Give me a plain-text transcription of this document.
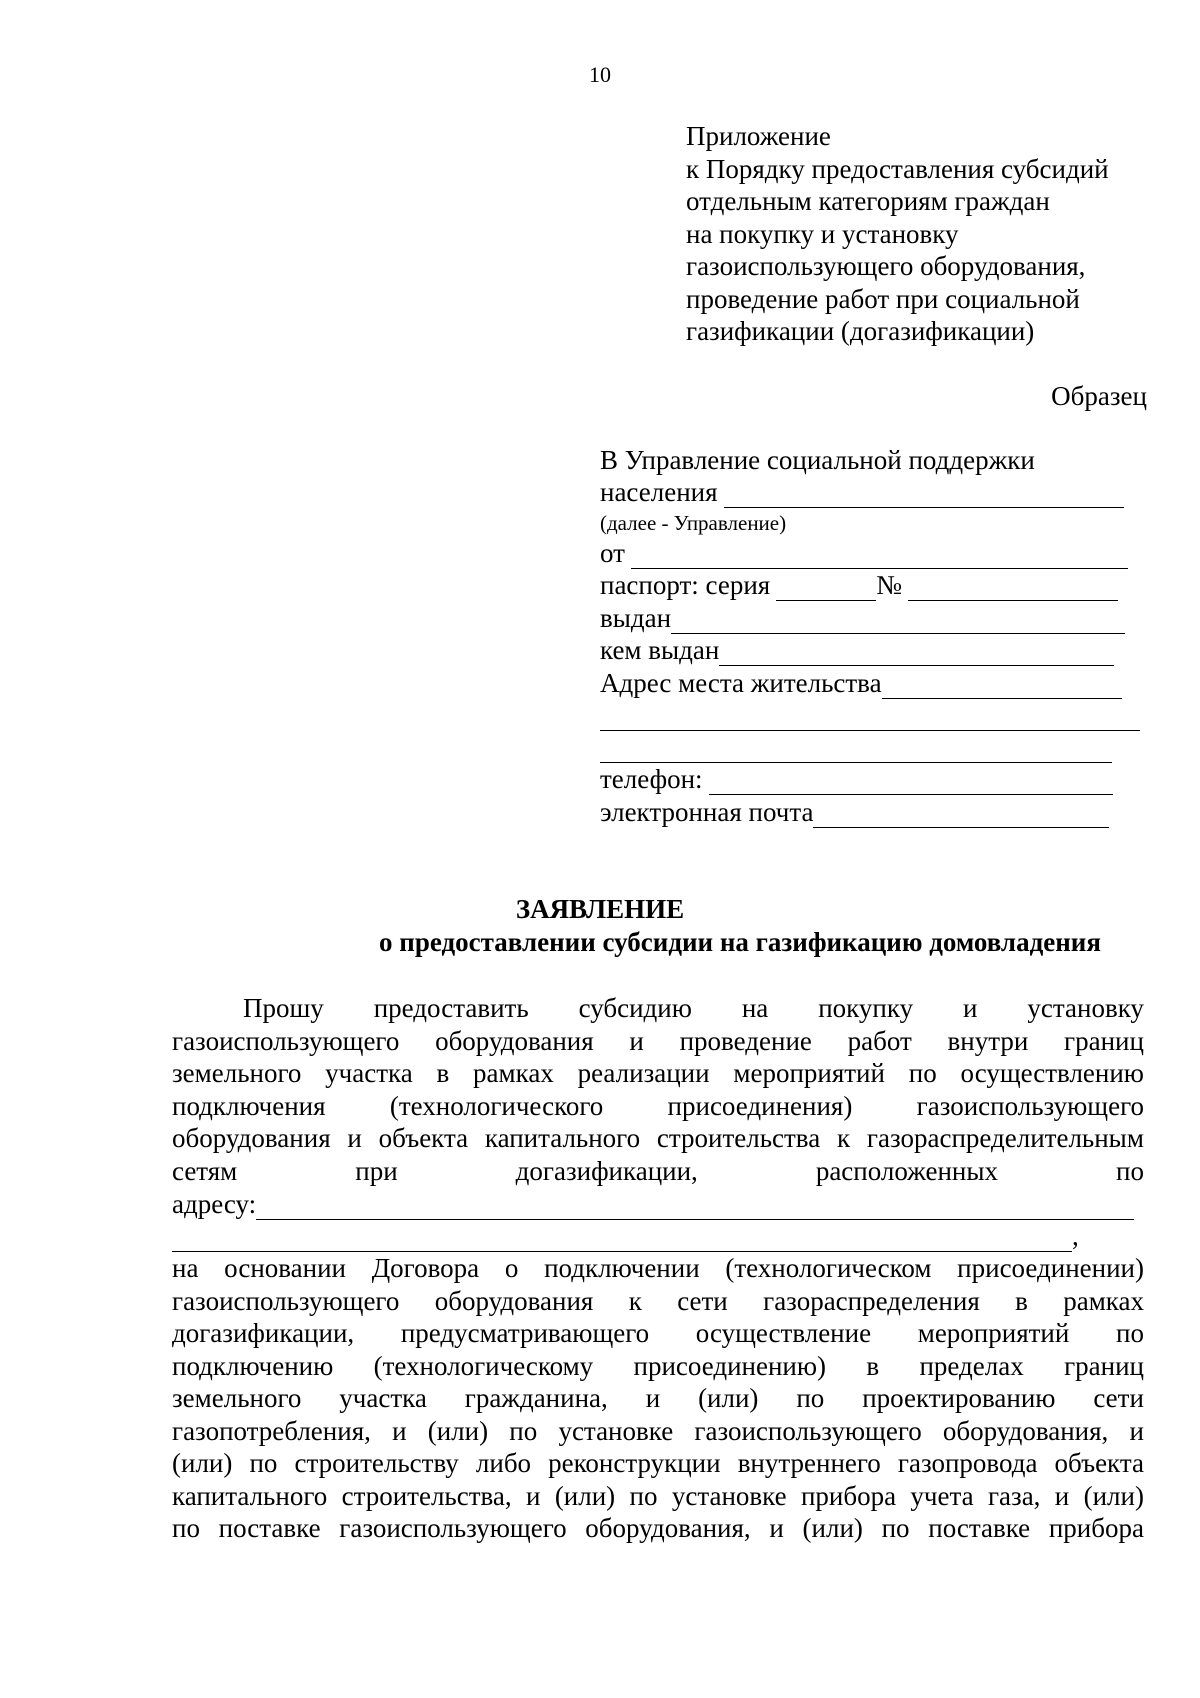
10
Приложение
к Порядку предоставления субсидий
отдельным категориям граждан
на покупку и установку
газоиспользующего оборудования,
проведение работ при социальной
газификации (догазификации)
Образец
В Управление социальной поддержки
населения
(далее - Управление)
от
паспорт: серия	№
выдан
кем выдан
Адрес места жительства
телефон:
электронная почта
ЗАЯВЛЕНИЕ
о предоставлении субсидии на газификацию домовладения
Прошу предоставить субсидию на покупку и установку
газоиспользующего оборудования и проведение работ внутри границ
земельного участка в рамках реализации мероприятий по осуществлению
подключения (технологического присоединения) газоиспользующего
оборудования и объекта капитального строительства к газораспределительным
сетям	при	догазификации,	расположенных	по
адресу:
,
на основании Договора о подключении (технологическом присоединении)
газоиспользующего оборудования к сети газораспределения в рамках
догазификации, предусматривающего осуществление мероприятий по
подключению (технологическому присоединению) в пределах границ
земельного участка гражданина, и (или) по проектированию сети
газопотребления, и (или) по установке газоиспользующего оборудования, и
(или) по строительству либо реконструкции внутреннего газопровода объекта
капитального строительства, и (или) по установке прибора учета газа, и (или)
по поставке газоиспользующего оборудования, и (или) по поставке прибора
